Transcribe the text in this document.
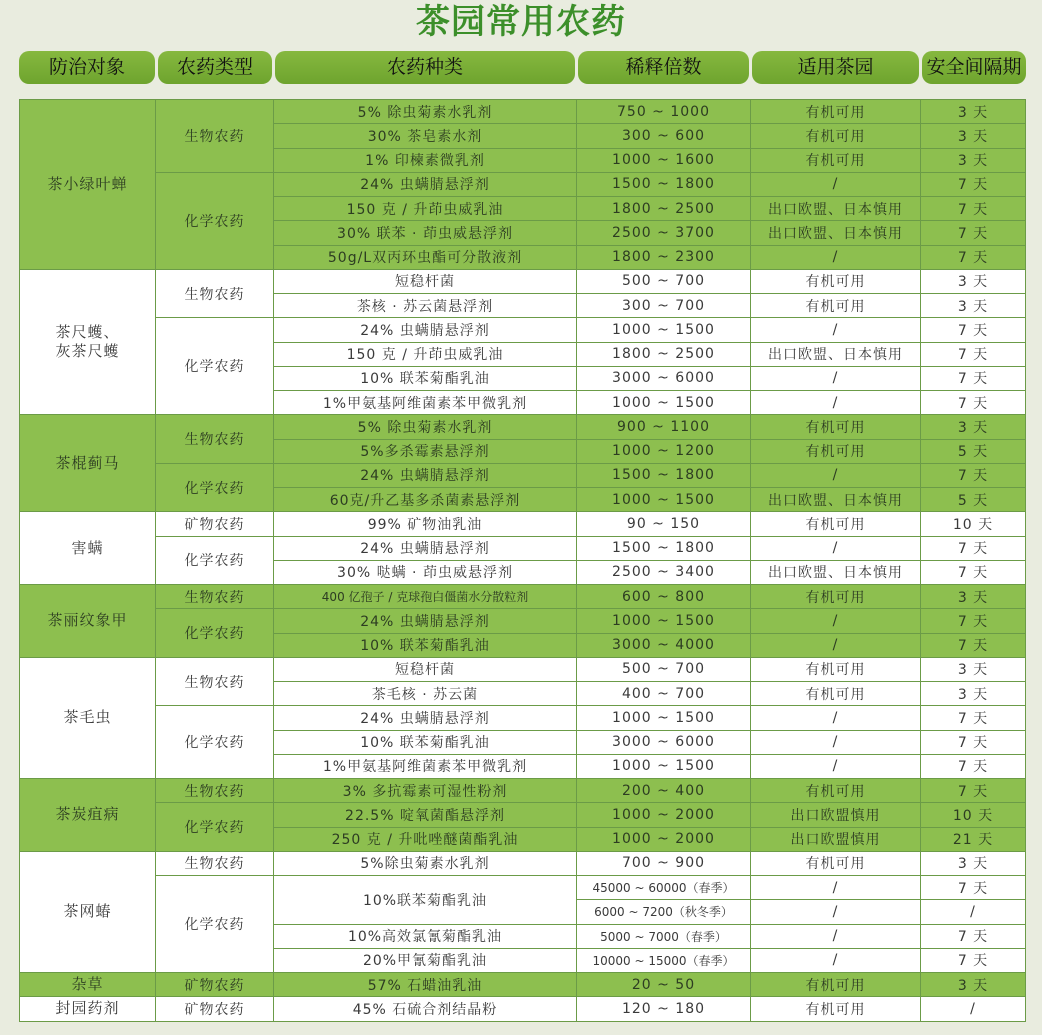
茶园常用农药
防治对象	农药类型	农药种类	稀释倍数	适用茶园	安全间隔期
茶小绿叶蝉	生物农药	5% 除虫菊素水乳剂	750 ~ 1000	有机可用	3 天
		30% 茶皂素水剂	300 ~ 600	有机可用	3 天
		1% 印楝素微乳剂	1000 ~ 1600	有机可用	3 天
	化学农药	24% 虫螨腈悬浮剂	1500 ~ 1800	/	7 天
		150 克 / 升茚虫威乳油	1800 ~ 2500	出口欧盟、日本慎用	7 天
		30% 联苯 · 茚虫威悬浮剂	2500 ~ 3700	出口欧盟、日本慎用	7 天
		50g/L双丙环虫酯可分散液剂	1800 ~ 2300	/	7 天
茶尺蠖、
灰茶尺蠖	生物农药	短稳杆菌	500 ~ 700	有机可用	3 天
		茶核 · 苏云菌悬浮剂	300 ~ 700	有机可用	3 天
	化学农药	24% 虫螨腈悬浮剂	1000 ~ 1500	/	7 天
		150 克 / 升茚虫威乳油	1800 ~ 2500	出口欧盟、日本慎用	7 天
		10% 联苯菊酯乳油	3000 ~ 6000	/	7 天
		1%甲氨基阿维菌素苯甲微乳剂	1000 ~ 1500	/	7 天
茶棍蓟马	生物农药	5% 除虫菊素水乳剂	900 ~ 1100	有机可用	3 天
		5%多杀霉素悬浮剂	1000 ~ 1200	有机可用	5 天
	化学农药	24% 虫螨腈悬浮剂	1500 ~ 1800	/	7 天
		60克/升乙基多杀菌素悬浮剂	1000 ~ 1500	出口欧盟、日本慎用	5 天
害螨	矿物农药	99% 矿物油乳油	90 ~ 150	有机可用	10 天
	化学农药	24% 虫螨腈悬浮剂	1500 ~ 1800	/	7 天
		30% 哒螨 · 茚虫威悬浮剂	2500 ~ 3400	出口欧盟、日本慎用	7 天
茶丽纹象甲	生物农药	400 亿孢子 / 克球孢白僵菌水分散粒剂	600 ~ 800	有机可用	3 天
	化学农药	24% 虫螨腈悬浮剂	1000 ~ 1500	/	7 天
		10% 联苯菊酯乳油	3000 ~ 4000	/	7 天
茶毛虫	生物农药	短稳杆菌	500 ~ 700	有机可用	3 天
		茶毛核 · 苏云菌	400 ~ 700	有机可用	3 天
	化学农药	24% 虫螨腈悬浮剂	1000 ~ 1500	/	7 天
		10% 联苯菊酯乳油	3000 ~ 6000	/	7 天
		1%甲氨基阿维菌素苯甲微乳剂	1000 ~ 1500	/	7 天
茶炭疽病	生物农药	3% 多抗霉素可湿性粉剂	200 ~ 400	有机可用	7 天
	化学农药	22.5% 啶氧菌酯悬浮剂	1000 ~ 2000	出口欧盟慎用	10 天
		250 克 / 升吡唑醚菌酯乳油	1000 ~ 2000	出口欧盟慎用	21 天
茶网蝽	生物农药	5%除虫菊素水乳剂	700 ~ 900	有机可用	3 天
	化学农药	10%联苯菊酯乳油	45000 ~ 60000（春季）	/	7 天
			6000 ~ 7200（秋冬季）	/	/
		10%高效氯氰菊酯乳油	5000 ~ 7000（春季）	/	7 天
		20%甲氰菊酯乳油	10000 ~ 15000（春季）	/	7 天
杂草	矿物农药	57% 石蜡油乳油	20 ~ 50	有机可用	3 天
封园药剂	矿物农药	45% 石硫合剂结晶粉	120 ~ 180	有机可用	/
